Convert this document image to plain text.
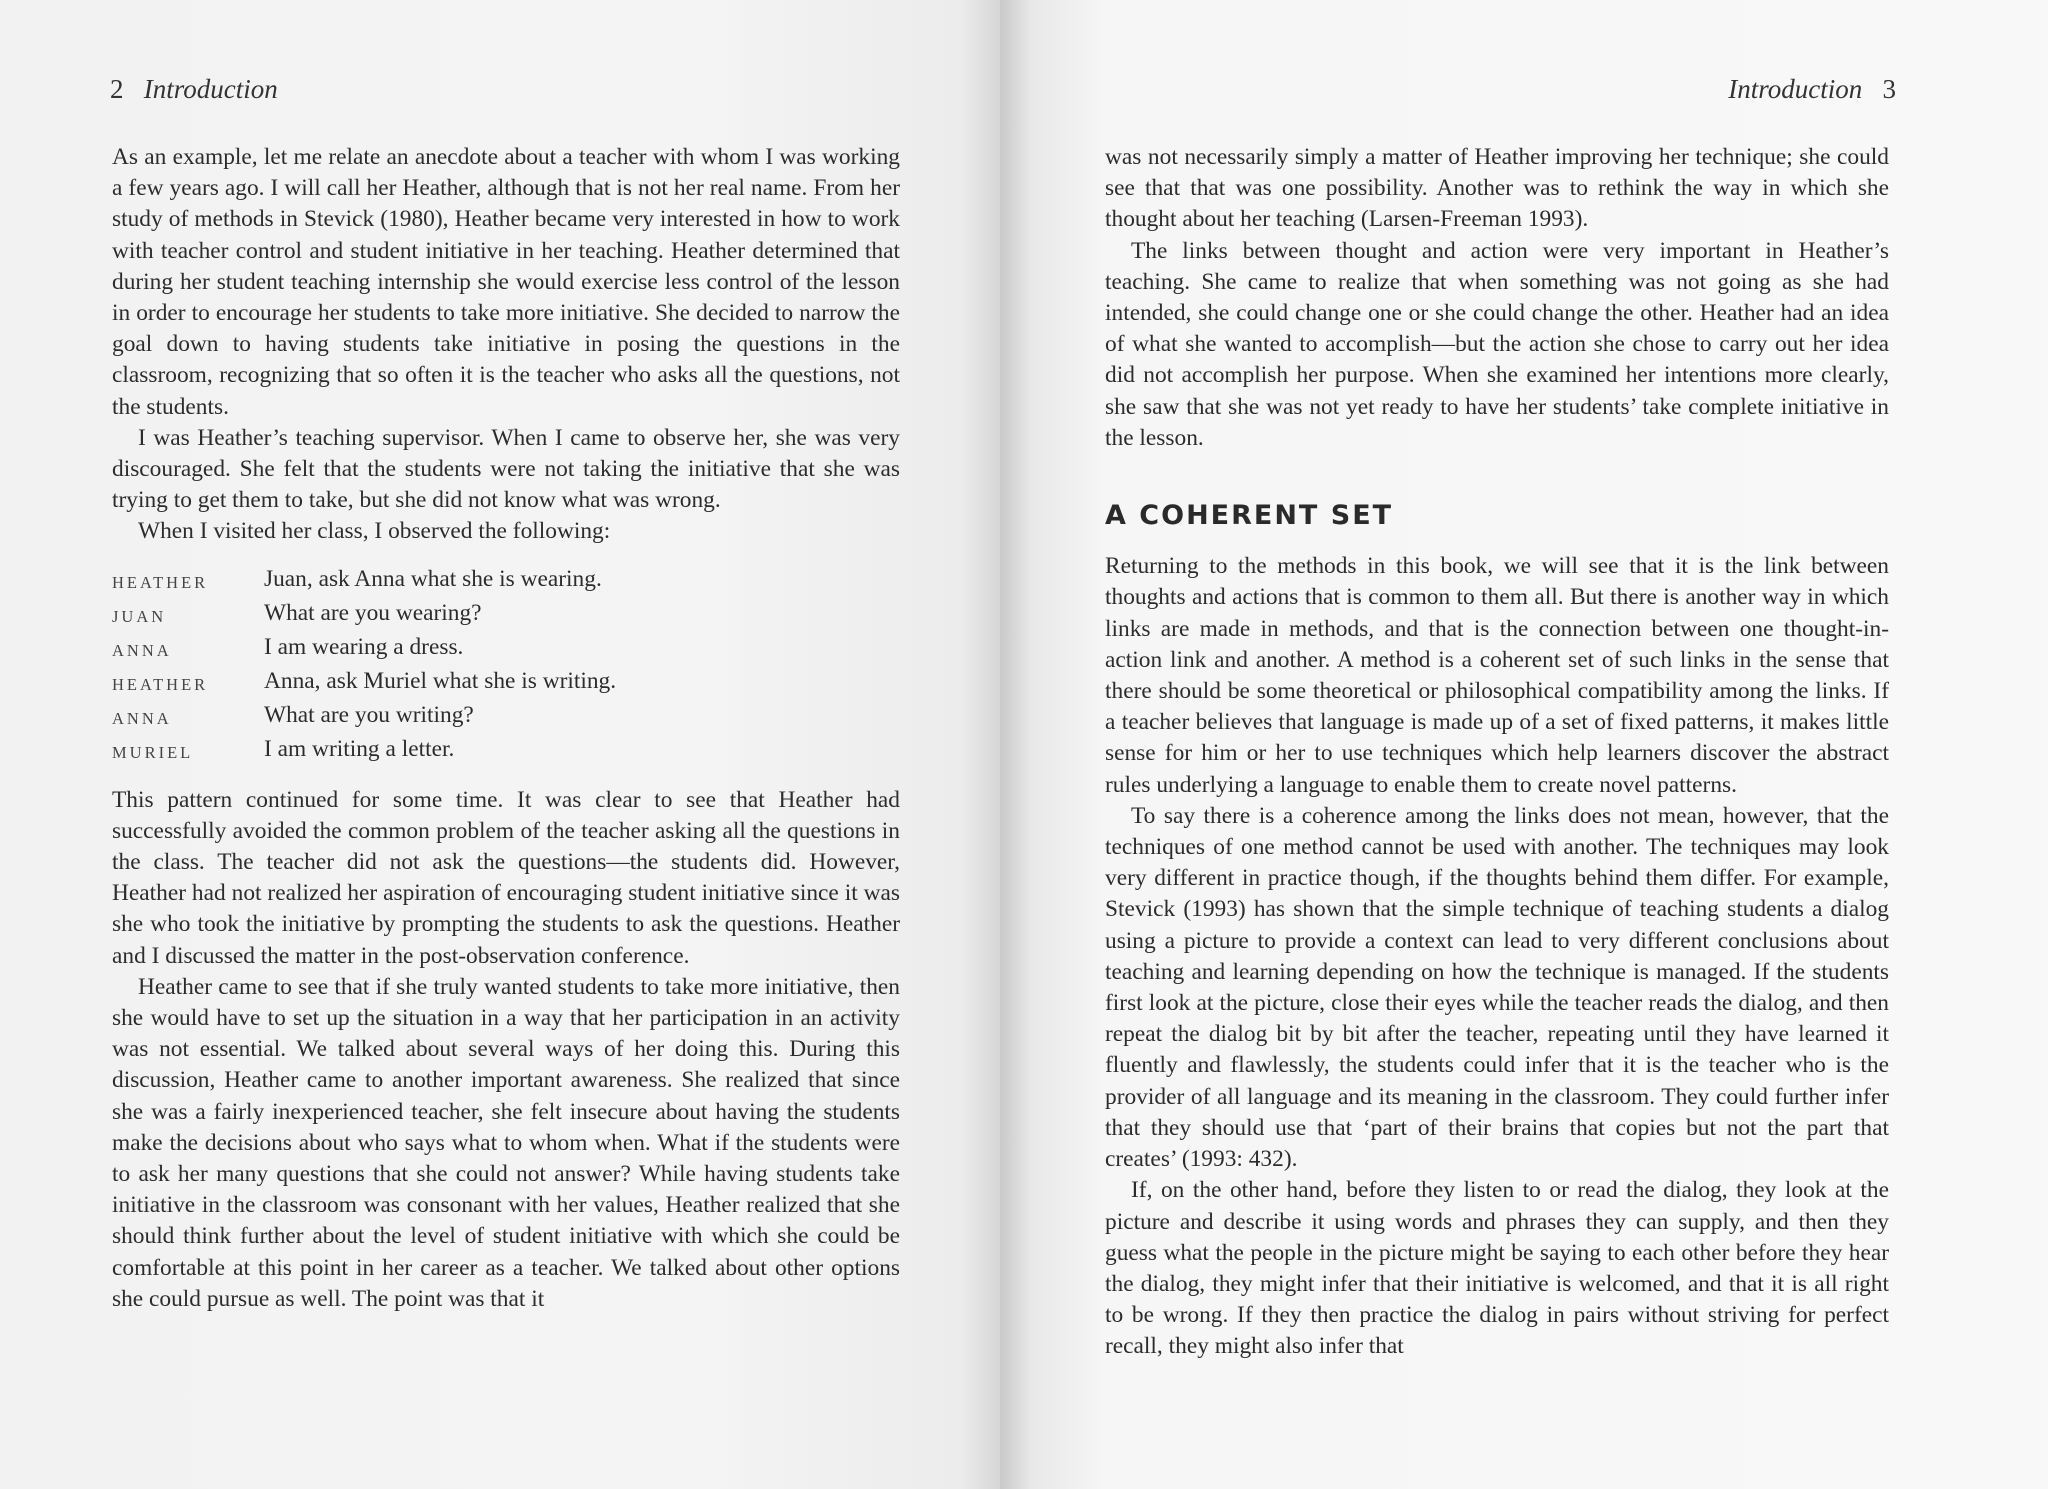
2 Introduction

As an example, let me relate an anecdote about a teacher with whom I was working a few years ago. I will call her Heather, although that is not her real name. From her study of methods in Stevick (1980), Heather became very interested in how to work with teacher control and student initiative in her teaching. Heather determined that during her student teaching internship she would exercise less control of the lesson in order to encourage her students to take more initiative. She decided to narrow the goal down to having students take initiative in posing the questions in the classroom, recognizing that so often it is the teacher who asks all the questions, not the students.

I was Heather’s teaching supervisor. When I came to observe her, she was very discouraged. She felt that the students were not taking the initiative that she was trying to get them to take, but she did not know what was wrong.

When I visited her class, I observed the following:

HEATHER	Juan, ask Anna what she is wearing.
JUAN	What are you wearing?
ANNA	I am wearing a dress.
HEATHER	Anna, ask Muriel what she is writing.
ANNA	What are you writing?
MURIEL	I am writing a letter.

This pattern continued for some time. It was clear to see that Heather had successfully avoided the common problem of the teacher asking all the questions in the class. The teacher did not ask the questions—the students did. However, Heather had not realized her aspiration of encouraging student initiative since it was she who took the initiative by prompting the students to ask the questions. Heather and I discussed the matter in the post-observation conference.

Heather came to see that if she truly wanted students to take more initiative, then she would have to set up the situation in a way that her participation in an activity was not essential. We talked about several ways of her doing this. During this discussion, Heather came to another important awareness. She realized that since she was a fairly inexperienced teacher, she felt insecure about having the students make the decisions about who says what to whom when. What if the students were to ask her many questions that she could not answer? While having students take initiative in the classroom was consonant with her values, Heather realized that she should think further about the level of student initiative with which she could be comfortable at this point in her career as a teacher. We talked about other options she could pursue as well. The point was that it

Introduction 3

was not necessarily simply a matter of Heather improving her technique; she could see that that was one possibility. Another was to rethink the way in which she thought about her teaching (Larsen-Freeman 1993).

The links between thought and action were very important in Heather’s teaching. She came to realize that when something was not going as she had intended, she could change one or she could change the other. Heather had an idea of what she wanted to accomplish—but the action she chose to carry out her idea did not accomplish her purpose. When she examined her intentions more clearly, she saw that she was not yet ready to have her students’ take complete initiative in the lesson.

A COHERENT SET

Returning to the methods in this book, we will see that it is the link between thoughts and actions that is common to them all. But there is another way in which links are made in methods, and that is the connection between one thought-in-action link and another. A method is a coherent set of such links in the sense that there should be some theoretical or philosophical compatibility among the links. If a teacher believes that language is made up of a set of fixed patterns, it makes little sense for him or her to use techniques which help learners discover the abstract rules underlying a language to enable them to create novel patterns.

To say there is a coherence among the links does not mean, however, that the techniques of one method cannot be used with another. The techniques may look very different in practice though, if the thoughts behind them differ. For example, Stevick (1993) has shown that the simple technique of teaching students a dialog using a picture to provide a context can lead to very different conclusions about teaching and learning depending on how the technique is managed. If the students first look at the picture, close their eyes while the teacher reads the dialog, and then repeat the dialog bit by bit after the teacher, repeating until they have learned it fluently and flawlessly, the students could infer that it is the teacher who is the provider of all language and its meaning in the classroom. They could further infer that they should use that ‘part of their brains that copies but not the part that creates’ (1993: 432).

If, on the other hand, before they listen to or read the dialog, they look at the picture and describe it using words and phrases they can supply, and then they guess what the people in the picture might be saying to each other before they hear the dialog, they might infer that their initiative is welcomed, and that it is all right to be wrong. If they then practice the dialog in pairs without striving for perfect recall, they might also infer that
